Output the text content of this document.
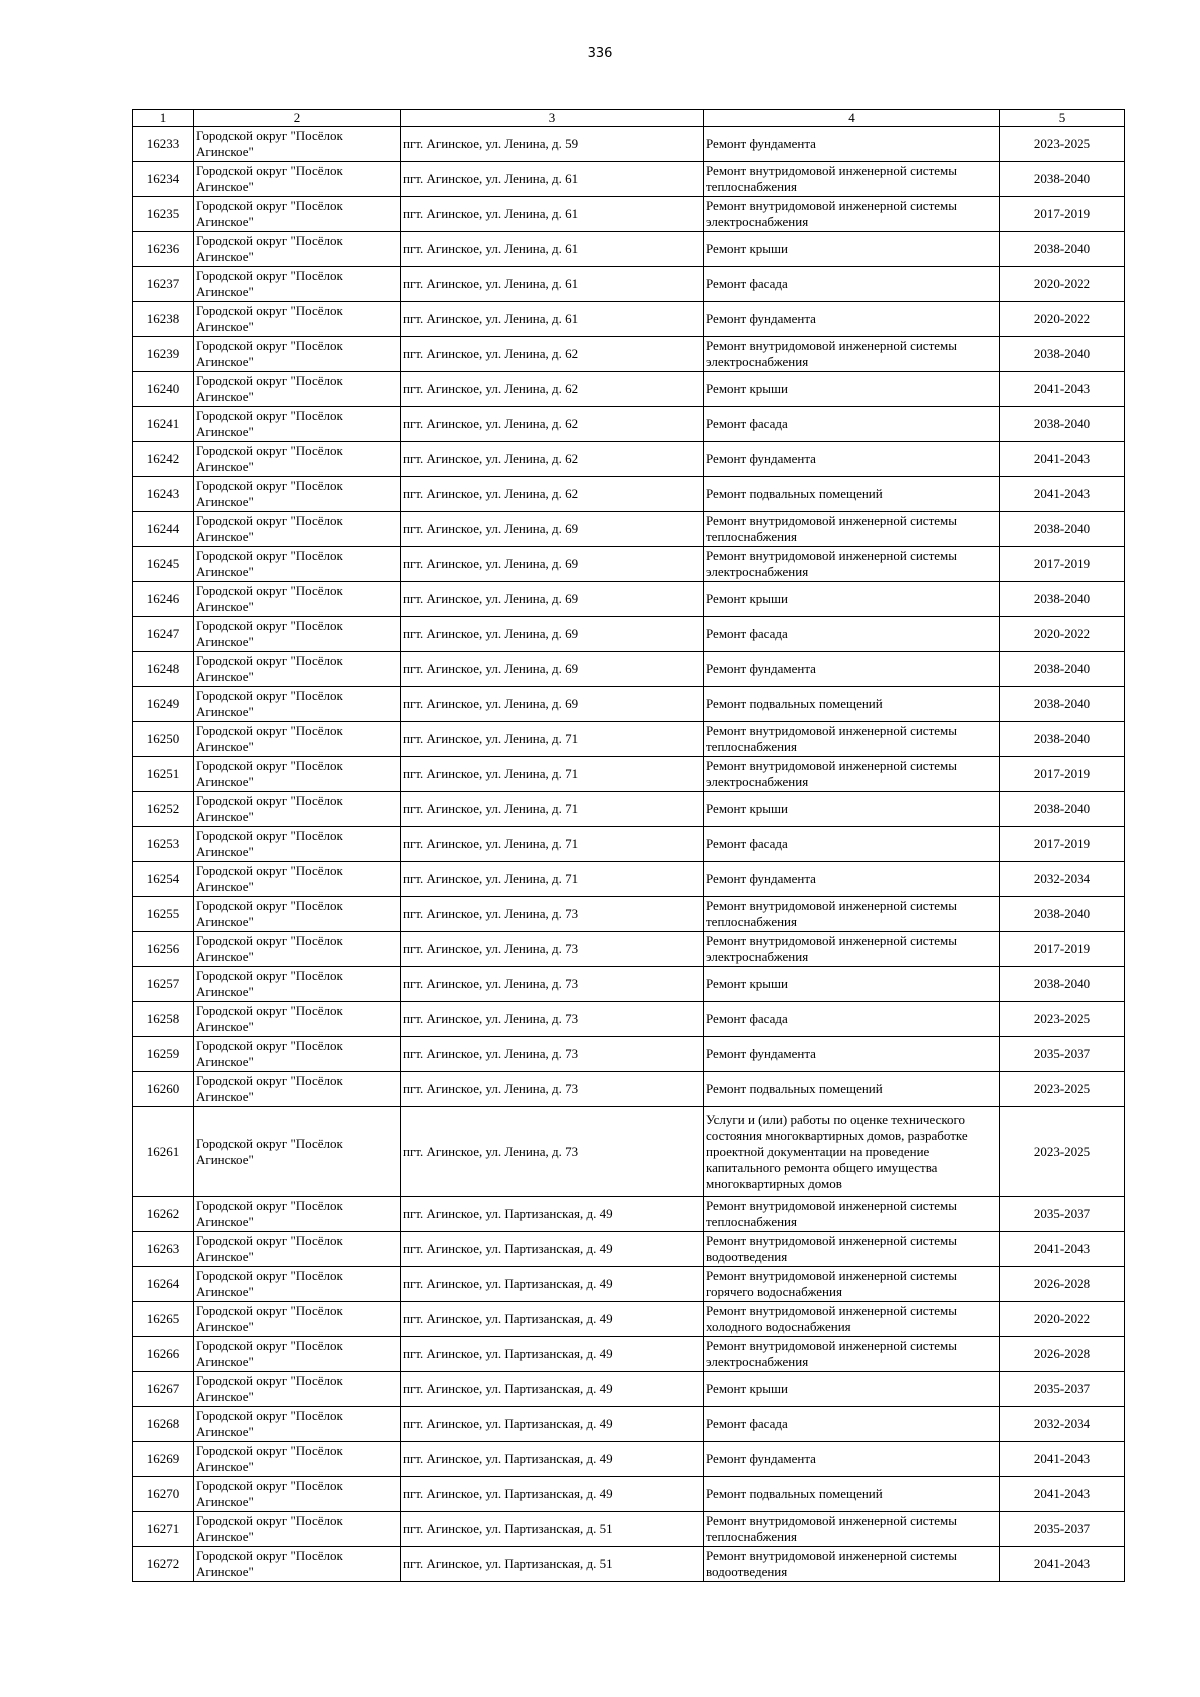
336
1	2	3	4	5
16233	Городской округ "Посёлок Агинское"	пгт. Агинское, ул. Ленина, д. 59	Ремонт фундамента	2023-2025
16234	Городской округ "Посёлок Агинское"	пгт. Агинское, ул. Ленина, д. 61	Ремонт внутридомовой инженерной системы теплоснабжения	2038-2040
16235	Городской округ "Посёлок Агинское"	пгт. Агинское, ул. Ленина, д. 61	Ремонт внутридомовой инженерной системы электроснабжения	2017-2019
16236	Городской округ "Посёлок Агинское"	пгт. Агинское, ул. Ленина, д. 61	Ремонт крыши	2038-2040
16237	Городской округ "Посёлок Агинское"	пгт. Агинское, ул. Ленина, д. 61	Ремонт фасада	2020-2022
16238	Городской округ "Посёлок Агинское"	пгт. Агинское, ул. Ленина, д. 61	Ремонт фундамента	2020-2022
16239	Городской округ "Посёлок Агинское"	пгт. Агинское, ул. Ленина, д. 62	Ремонт внутридомовой инженерной системы электроснабжения	2038-2040
16240	Городской округ "Посёлок Агинское"	пгт. Агинское, ул. Ленина, д. 62	Ремонт крыши	2041-2043
16241	Городской округ "Посёлок Агинское"	пгт. Агинское, ул. Ленина, д. 62	Ремонт фасада	2038-2040
16242	Городской округ "Посёлок Агинское"	пгт. Агинское, ул. Ленина, д. 62	Ремонт фундамента	2041-2043
16243	Городской округ "Посёлок Агинское"	пгт. Агинское, ул. Ленина, д. 62	Ремонт подвальных помещений	2041-2043
16244	Городской округ "Посёлок Агинское"	пгт. Агинское, ул. Ленина, д. 69	Ремонт внутридомовой инженерной системы теплоснабжения	2038-2040
16245	Городской округ "Посёлок Агинское"	пгт. Агинское, ул. Ленина, д. 69	Ремонт внутридомовой инженерной системы электроснабжения	2017-2019
16246	Городской округ "Посёлок Агинское"	пгт. Агинское, ул. Ленина, д. 69	Ремонт крыши	2038-2040
16247	Городской округ "Посёлок Агинское"	пгт. Агинское, ул. Ленина, д. 69	Ремонт фасада	2020-2022
16248	Городской округ "Посёлок Агинское"	пгт. Агинское, ул. Ленина, д. 69	Ремонт фундамента	2038-2040
16249	Городской округ "Посёлок Агинское"	пгт. Агинское, ул. Ленина, д. 69	Ремонт подвальных помещений	2038-2040
16250	Городской округ "Посёлок Агинское"	пгт. Агинское, ул. Ленина, д. 71	Ремонт внутридомовой инженерной системы теплоснабжения	2038-2040
16251	Городской округ "Посёлок Агинское"	пгт. Агинское, ул. Ленина, д. 71	Ремонт внутридомовой инженерной системы электроснабжения	2017-2019
16252	Городской округ "Посёлок Агинское"	пгт. Агинское, ул. Ленина, д. 71	Ремонт крыши	2038-2040
16253	Городской округ "Посёлок Агинское"	пгт. Агинское, ул. Ленина, д. 71	Ремонт фасада	2017-2019
16254	Городской округ "Посёлок Агинское"	пгт. Агинское, ул. Ленина, д. 71	Ремонт фундамента	2032-2034
16255	Городской округ "Посёлок Агинское"	пгт. Агинское, ул. Ленина, д. 73	Ремонт внутридомовой инженерной системы теплоснабжения	2038-2040
16256	Городской округ "Посёлок Агинское"	пгт. Агинское, ул. Ленина, д. 73	Ремонт внутридомовой инженерной системы электроснабжения	2017-2019
16257	Городской округ "Посёлок Агинское"	пгт. Агинское, ул. Ленина, д. 73	Ремонт крыши	2038-2040
16258	Городской округ "Посёлок Агинское"	пгт. Агинское, ул. Ленина, д. 73	Ремонт фасада	2023-2025
16259	Городской округ "Посёлок Агинское"	пгт. Агинское, ул. Ленина, д. 73	Ремонт фундамента	2035-2037
16260	Городской округ "Посёлок Агинское"	пгт. Агинское, ул. Ленина, д. 73	Ремонт подвальных помещений	2023-2025
16261	Городской округ "Посёлок Агинское"	пгт. Агинское, ул. Ленина, д. 73	Услуги и (или) работы по оценке технического состояния многоквартирных домов, разработке проектной документации на проведение капитального ремонта общего имущества многоквартирных домов	2023-2025
16262	Городской округ "Посёлок Агинское"	пгт. Агинское, ул. Партизанская, д. 49	Ремонт внутридомовой инженерной системы теплоснабжения	2035-2037
16263	Городской округ "Посёлок Агинское"	пгт. Агинское, ул. Партизанская, д. 49	Ремонт внутридомовой инженерной системы водоотведения	2041-2043
16264	Городской округ "Посёлок Агинское"	пгт. Агинское, ул. Партизанская, д. 49	Ремонт внутридомовой инженерной системы горячего водоснабжения	2026-2028
16265	Городской округ "Посёлок Агинское"	пгт. Агинское, ул. Партизанская, д. 49	Ремонт внутридомовой инженерной системы холодного водоснабжения	2020-2022
16266	Городской округ "Посёлок Агинское"	пгт. Агинское, ул. Партизанская, д. 49	Ремонт внутридомовой инженерной системы электроснабжения	2026-2028
16267	Городской округ "Посёлок Агинское"	пгт. Агинское, ул. Партизанская, д. 49	Ремонт крыши	2035-2037
16268	Городской округ "Посёлок Агинское"	пгт. Агинское, ул. Партизанская, д. 49	Ремонт фасада	2032-2034
16269	Городской округ "Посёлок Агинское"	пгт. Агинское, ул. Партизанская, д. 49	Ремонт фундамента	2041-2043
16270	Городской округ "Посёлок Агинское"	пгт. Агинское, ул. Партизанская, д. 49	Ремонт подвальных помещений	2041-2043
16271	Городской округ "Посёлок Агинское"	пгт. Агинское, ул. Партизанская, д. 51	Ремонт внутридомовой инженерной системы теплоснабжения	2035-2037
16272	Городской округ "Посёлок Агинское"	пгт. Агинское, ул. Партизанская, д. 51	Ремонт внутридомовой инженерной системы водоотведения	2041-2043
